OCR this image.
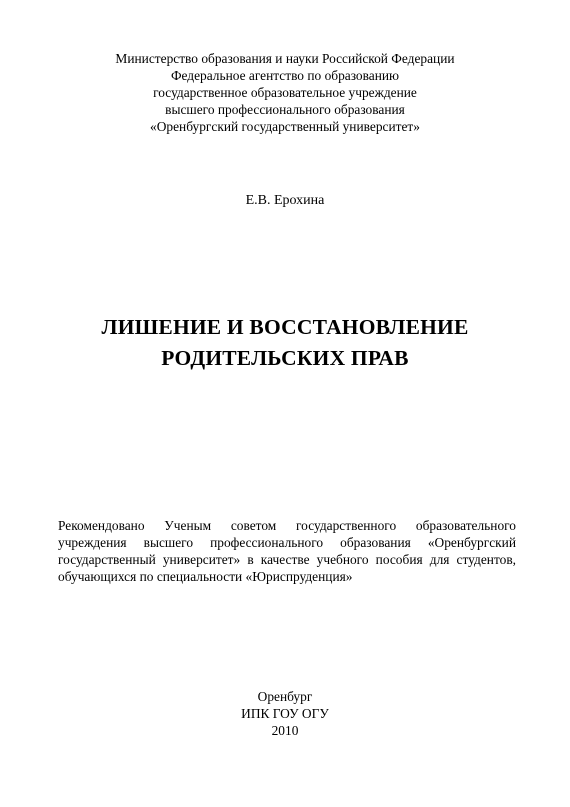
Министерство образования и науки Российской Федерации
Федеральное агентство по образованию
государственное образовательное учреждение
высшего профессионального образования
«Оренбургский государственный университет»
Е.В. Ерохина
ЛИШЕНИЕ И ВОССТАНОВЛЕНИЕ
РОДИТЕЛЬСКИХ ПРАВ
Рекомендовано Ученым советом государственного образовательного
учреждения высшего профессионального образования «Оренбургский
государственный университет» в качестве учебного пособия для студентов,
обучающихся по специальности «Юриспруденция»
Оренбург
ИПК ГОУ ОГУ
2010
